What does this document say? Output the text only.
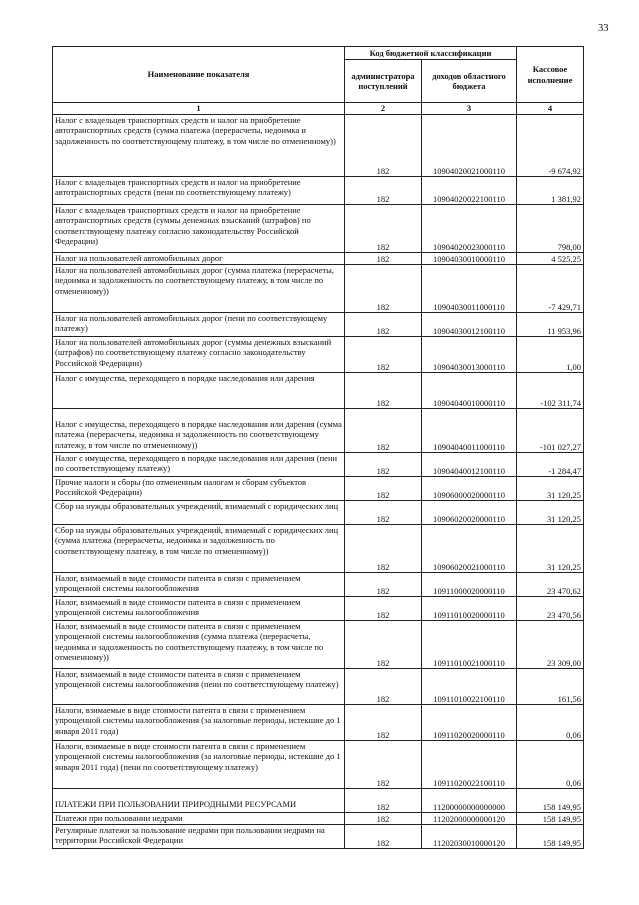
33
Наименование показателя	Код бюджетной классификации		Кассовое исполнение
	администратора поступлений	доходов областного бюджета	
1	2	3	4
Налог с владельцев транспортных средств и налог на приобретение автотранспортных средств (сумма платежа (перерасчеты, недоимка и задолженность по соответствующему платежу, в том числе по отмененному))	182	10904020021000110	-9 674,92
Налог с владельцев транспортных средств и налог на приобретение автотранспортных средств (пени по соответствующему платежу)	182	10904020022100110	1 381,92
Налог с владельцев транспортных средств и налог на приобретение автотранспортных средств (суммы денежных взысканий (штрафов) по соответствующему платежу согласно законодательству Российской Федерации)	182	10904020023000110	798,00
Налог на пользователей автомобильных дорог	182	10904030010000110	4 525,25
Налог на пользователей автомобильных дорог (сумма платежа (перерасчеты, недоимка и задолженность по соответствующему платежу, в том числе по отмененному))	182	10904030011000110	-7 429,71
Налог на пользователей автомобильных дорог (пени по соответствующему платежу)	182	10904030012100110	11 953,96
Налог на пользователей автомобильных дорог (суммы денежных взысканий (штрафов) по соответствующему платежу согласно законодательству Российской Федерации)	182	10904030013000110	1,00
Налог с имущества, переходящего в порядке наследования или дарения	182	10904040010000110	-102 311,74
Налог с имущества, переходящего в порядке наследования или дарения (сумма платежа (перерасчеты, недоимка и задолженность по соответствующему платежу, в том числе по отмененному))	182	10904040011000110	-101 027,27
Налог с имущества, переходящего в порядке наследования или дарения (пени по соответствующему платежу)	182	10904040012100110	-1 284,47
Прочие налоги и сборы (по отмененным налогам и сборам субъектов Российской Федерации)	182	10906000020000110	31 120,25
Сбор на нужды образовательных учреждений, взимаемый с юридических лиц	182	10906020020000110	31 120,25
Сбор на нужды образовательных учреждений, взимаемый с юридических лиц (сумма платежа (перерасчеты, недоимка и задолженность по соответствующему платежу, в том числе по отмененному))	182	10906020021000110	31 120,25
Налог, взимаемый в виде стоимости патента в связи с применением упрощенной системы налогообложения	182	10911000020000110	23 470,62
Налог, взимаемый в виде стоимости патента в связи с применением упрощенной системы налогообложения	182	10911010020000110	23 470,56
Налог, взимаемый в виде стоимости патента в связи с применением упрощенной системы налогообложения (сумма платежа (перерасчеты, недоимка и задолженность по соответствующему платежу, в том числе по отмененному))	182	10911010021000110	23 309,00
Налог, взимаемый в виде стоимости патента в связи с применением упрощенной системы налогообложения (пени по соответствующему платежу)	182	10911010022100110	161,56
Налоги, взимаемые в виде стоимости патента в связи с применением упрощенной системы налогообложения (за налоговые периоды, истекшие до 1 января 2011 года)	182	10911020020000110	0,06
Налоги, взимаемые в виде стоимости патента в связи с применением упрощенной системы налогообложения (за налоговые периоды, истекшие до 1 января 2011 года) (пени по соответствующему платежу)	182	10911020022100110	0,06
ПЛАТЕЖИ ПРИ ПОЛЬЗОВАНИИ ПРИРОДНЫМИ РЕСУРСАМИ	182	11200000000000000	158 149,95
Платежи при пользовании недрами	182	11202000000000120	158 149,95
Регулярные платежи за пользование недрами при пользовании недрами на территории Российской Федерации	182	11202030010000120	158 149,95
